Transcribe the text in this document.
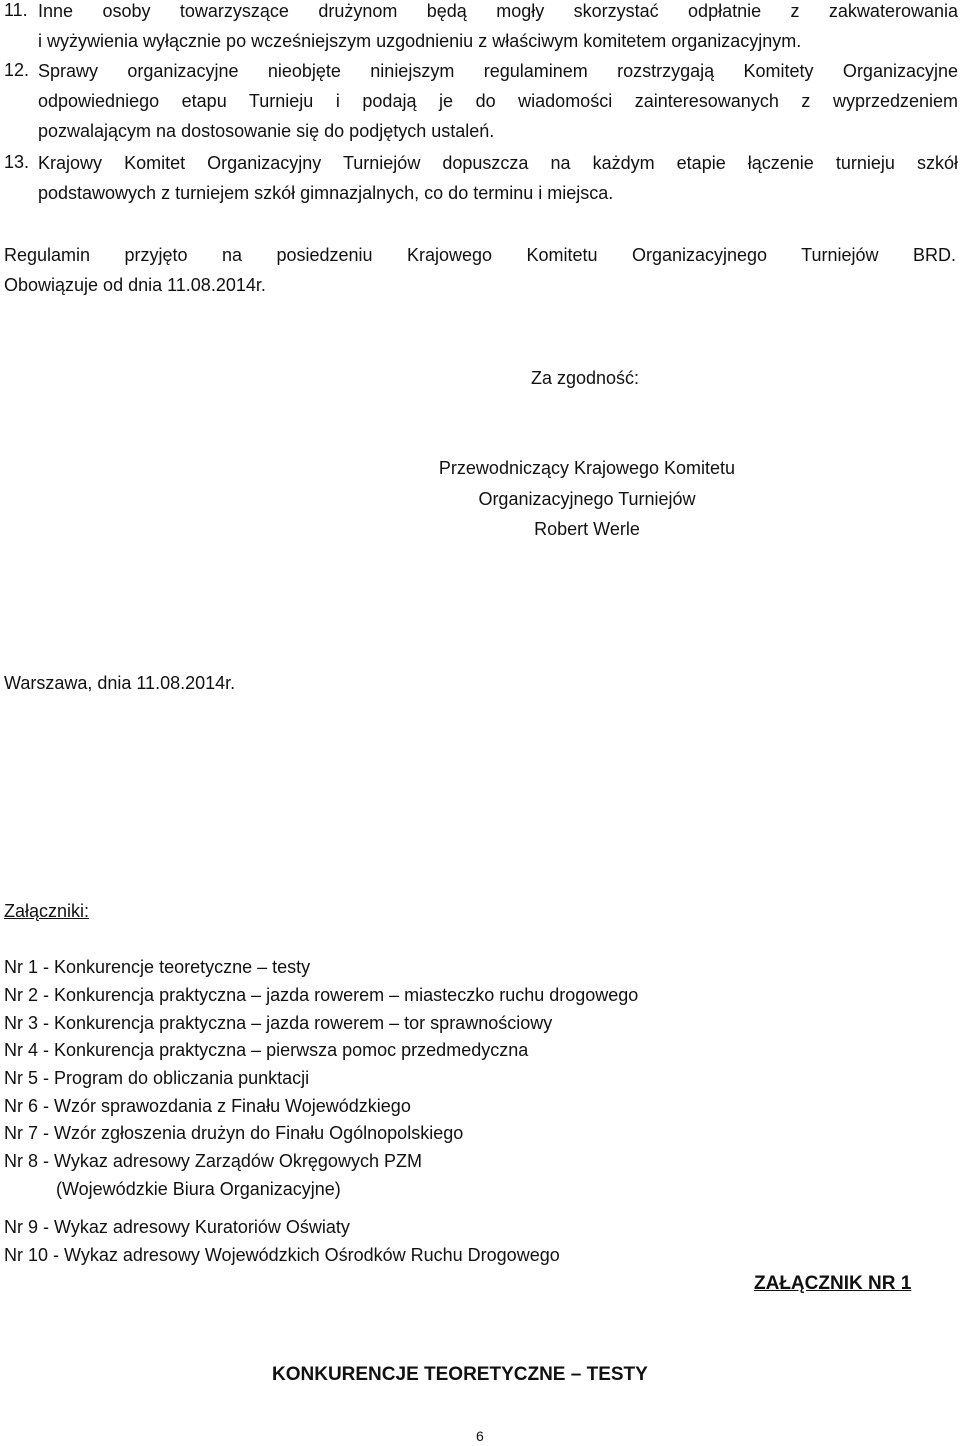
11. Inne osoby towarzyszące drużynom będą mogły skorzystać odpłatnie z zakwaterowania
i wyżywienia wyłącznie po wcześniejszym uzgodnieniu z właściwym komitetem organizacyjnym.
12. Sprawy organizacyjne nieobjęte niniejszym regulaminem rozstrzygają Komitety Organizacyjne
odpowiedniego etapu Turnieju i podają je do wiadomości zainteresowanych z wyprzedzeniem
pozwalającym na dostosowanie się do podjętych ustaleń.
13. Krajowy Komitet Organizacyjny Turniejów dopuszcza na każdym etapie łączenie turnieju szkół
podstawowych z turniejem szkół gimnazjalnych, co do terminu i miejsca.
Regulamin przyjęto na posiedzeniu Krajowego Komitetu Organizacyjnego Turniejów BRD.
Obowiązuje od dnia 11.08.2014r.
Za zgodność:
Przewodniczący Krajowego Komitetu
Organizacyjnego Turniejów
Robert Werle
Warszawa, dnia 11.08.2014r.
Załączniki:
Nr 1 - Konkurencje teoretyczne – testy
Nr 2 - Konkurencja praktyczna – jazda rowerem – miasteczko ruchu drogowego
Nr 3 - Konkurencja praktyczna – jazda rowerem – tor sprawnościowy
Nr 4 - Konkurencja praktyczna – pierwsza pomoc przedmedyczna
Nr 5 - Program do obliczania punktacji
Nr 6 - Wzór sprawozdania z Finału Wojewódzkiego
Nr 7 - Wzór zgłoszenia drużyn do Finału Ogólnopolskiego
Nr 8 - Wykaz adresowy Zarządów Okręgowych PZM
(Wojewódzkie Biura Organizacyjne)
Nr 9 - Wykaz adresowy Kuratoriów Oświaty
Nr 10 - Wykaz adresowy Wojewódzkich Ośrodków Ruchu Drogowego
ZAŁĄCZNIK NR 1
KONKURENCJE TEORETYCZNE – TESTY
6
